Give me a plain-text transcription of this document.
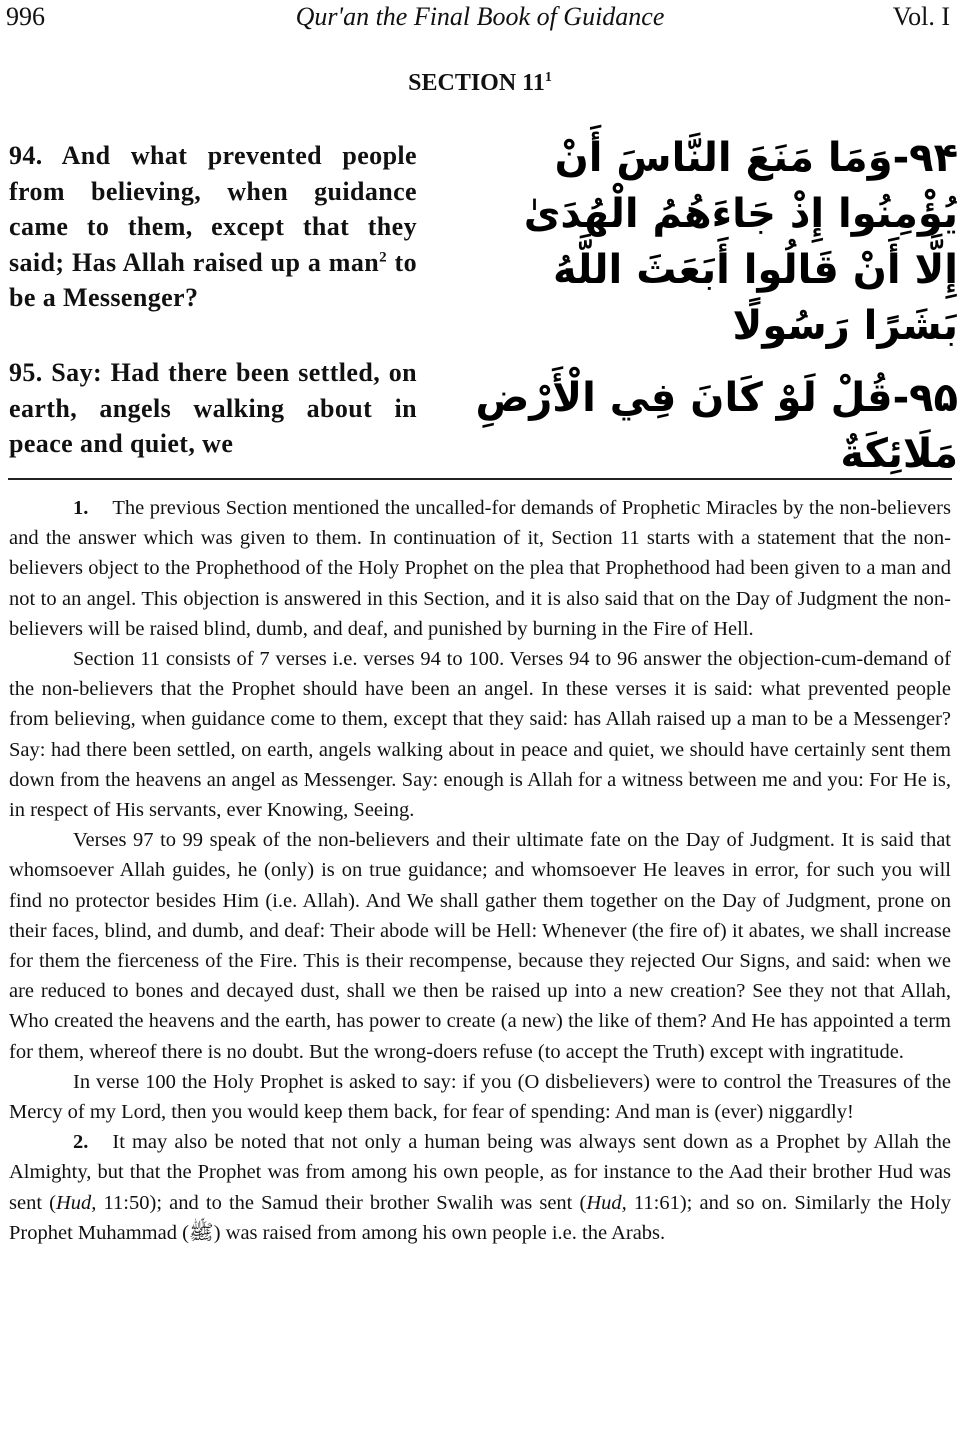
996	Qur'an the Final Book of Guidance	Vol. I
SECTION $11^1$
94. And what prevented people from believing, when guidance came to them, except that they said; Has Allah raised up a man$^2$ to be a Messenger?
۹۴-وَمَا مَنَعَ النَّاسَ أَنْ يُؤْمِنُوا إِذْ جَاءَهُمُ الْهُدَىٰ إِلَّا أَنْ قَالُوا أَبَعَثَ اللَّهُ بَشَرًا رَسُولًا
95. Say: Had there been settled, on earth, angels walking about in peace and quiet, we
۹۵-قُلْ لَوْ كَانَ فِي الْأَرْضِ مَلَائِكَةٌ

1. The previous Section mentioned the uncalled-for demands of Prophetic Miracles by the non-believers and the answer which was given to them. In continuation of it, Section 11 starts with a statement that the non-believers object to the Prophethood of the Holy Prophet on the plea that Prophethood had been given to a man and not to an angel. This objection is answered in this Section, and it is also said that on the Day of Judgment the non-believers will be raised blind, dumb, and deaf, and punished by burning in the Fire of Hell.

Section 11 consists of 7 verses i.e. verses 94 to 100. Verses 94 to 96 answer the objection-cum-demand of the non-believers that the Prophet should have been an angel. In these verses it is said: what prevented people from believing, when guidance come to them, except that they said: has Allah raised up a man to be a Messenger? Say: had there been settled, on earth, angels walking about in peace and quiet, we should have certainly sent them down from the heavens an angel as Messenger. Say: enough is Allah for a witness between me and you: For He is, in respect of His servants, ever Knowing, Seeing.

Verses 97 to 99 speak of the non-believers and their ultimate fate on the Day of Judgment. It is said that whomsoever Allah guides, he (only) is on true guidance; and whomsoever He leaves in error, for such you will find no protector besides Him (i.e. Allah). And We shall gather them together on the Day of Judgment, prone on their faces, blind, and dumb, and deaf: Their abode will be Hell: Whenever (the fire of) it abates, we shall increase for them the fierceness of the Fire. This is their recompense, because they rejected Our Signs, and said: when we are reduced to bones and decayed dust, shall we then be raised up into a new creation? See they not that Allah, Who created the heavens and the earth, has power to create (a new) the like of them? And He has appointed a term for them, whereof there is no doubt. But the wrong-doers refuse (to accept the Truth) except with ingratitude.

In verse 100 the Holy Prophet is asked to say: if you (O disbelievers) were to control the Treasures of the Mercy of my Lord, then you would keep them back, for fear of spending: And man is (ever) niggardly!

2. It may also be noted that not only a human being was always sent down as a Prophet by Allah the Almighty, but that the Prophet was from among his own people, as for instance to the Aad their brother Hud was sent (Hud, 11:50); and to the Samud their brother Swalih was sent (Hud, 11:61); and so on. Similarly the Holy Prophet Muhammad (ﷺ) was raised from among his own people i.e. the Arabs.
